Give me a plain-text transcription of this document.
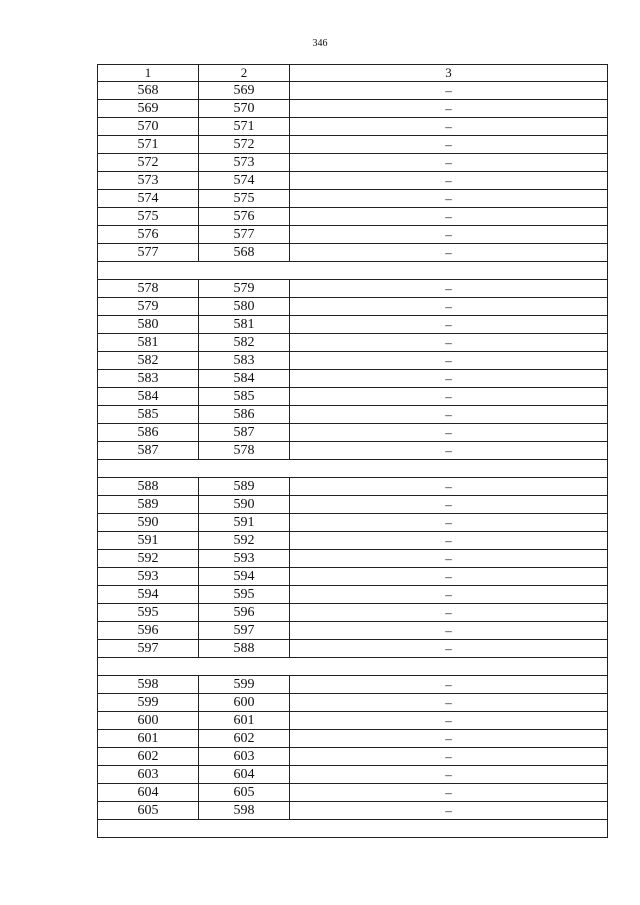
346
1	2	3
568	569	–
569	570	–
570	571	–
571	572	–
572	573	–
573	574	–
574	575	–
575	576	–
576	577	–
577	568	–

578	579	–
579	580	–
580	581	–
581	582	–
582	583	–
583	584	–
584	585	–
585	586	–
586	587	–
587	578	–

588	589	–
589	590	–
590	591	–
591	592	–
592	593	–
593	594	–
594	595	–
595	596	–
596	597	–
597	588	–

598	599	–
599	600	–
600	601	–
601	602	–
602	603	–
603	604	–
604	605	–
605	598	–
